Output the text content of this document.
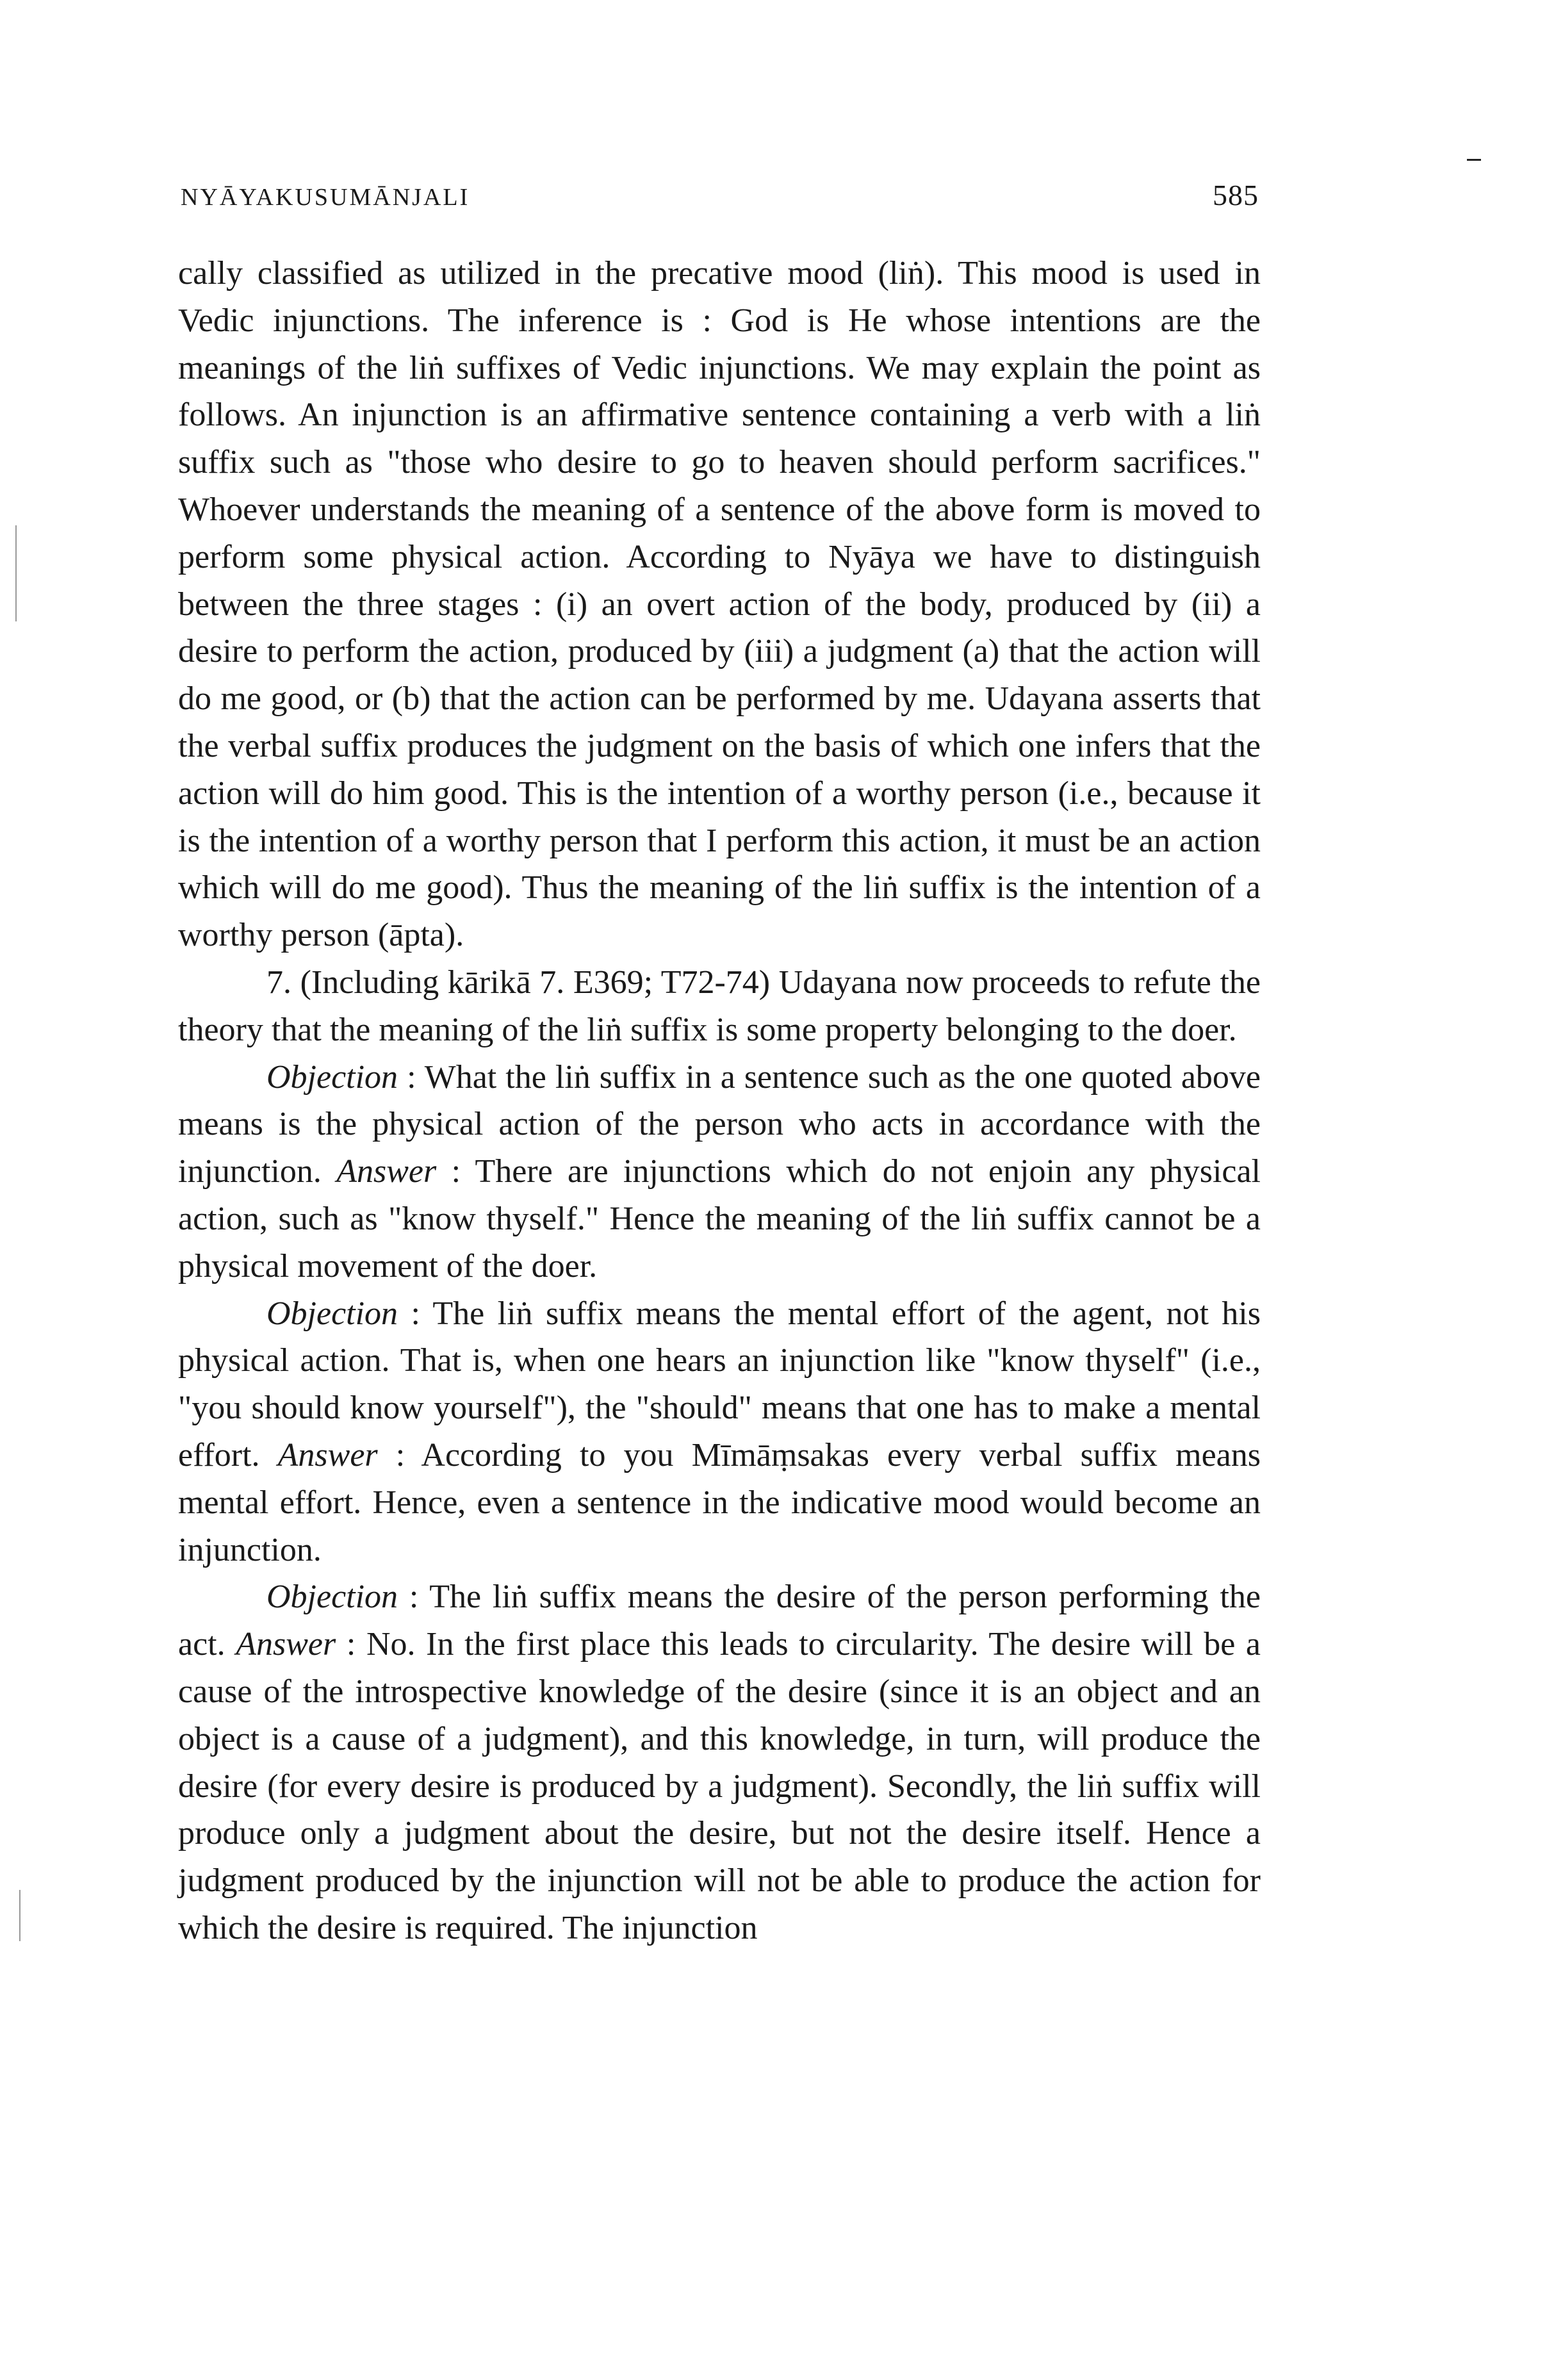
NYĀYAKUSUMĀNJALI	585

cally classified as utilized in the precative mood (liṅ). This mood is used in Vedic injunctions. The inference is : God is He whose intentions are the meanings of the liṅ suffixes of Vedic injunctions. We may explain the point as follows. An injunction is an affirmative sentence containing a verb with a liṅ suffix such as "those who desire to go to heaven should perform sacrifices." Whoever understands the meaning of a sentence of the above form is moved to perform some physical action. According to Nyāya we have to distinguish between the three stages : (i) an overt action of the body, produced by (ii) a desire to perform the action, produced by (iii) a judgment (a) that the action will do me good, or (b) that the action can be performed by me. Udayana asserts that the verbal suffix produces the judgment on the basis of which one infers that the action will do him good. This is the intention of a worthy person (i.e., because it is the intention of a worthy person that I perform this action, it must be an action which will do me good). Thus the meaning of the liṅ suffix is the intention of a worthy person (āpta).

7. (Including kārikā 7. E369; T72-74) Udayana now proceeds to refute the theory that the meaning of the liṅ suffix is some property belonging to the doer.

Objection : What the liṅ suffix in a sentence such as the one quoted above means is the physical action of the person who acts in accordance with the injunction. Answer : There are injunctions which do not enjoin any physical action, such as "know thyself." Hence the meaning of the liṅ suffix cannot be a physical movement of the doer.

Objection : The liṅ suffix means the mental effort of the agent, not his physical action. That is, when one hears an injunction like "know thyself" (i.e., "you should know yourself"), the "should" means that one has to make a mental effort. Answer : According to you Mīmāṃsakas every verbal suffix means mental effort. Hence, even a sentence in the indicative mood would become an injunction.

Objection : The liṅ suffix means the desire of the person performing the act. Answer : No. In the first place this leads to circularity. The desire will be a cause of the introspective knowledge of the desire (since it is an object and an object is a cause of a judgment), and this knowledge, in turn, will produce the desire (for every desire is produced by a judgment). Secondly, the liṅ suffix will produce only a judgment about the desire, but not the desire itself. Hence a judgment produced by the injunction will not be able to produce the action for which the desire is required. The injunction
